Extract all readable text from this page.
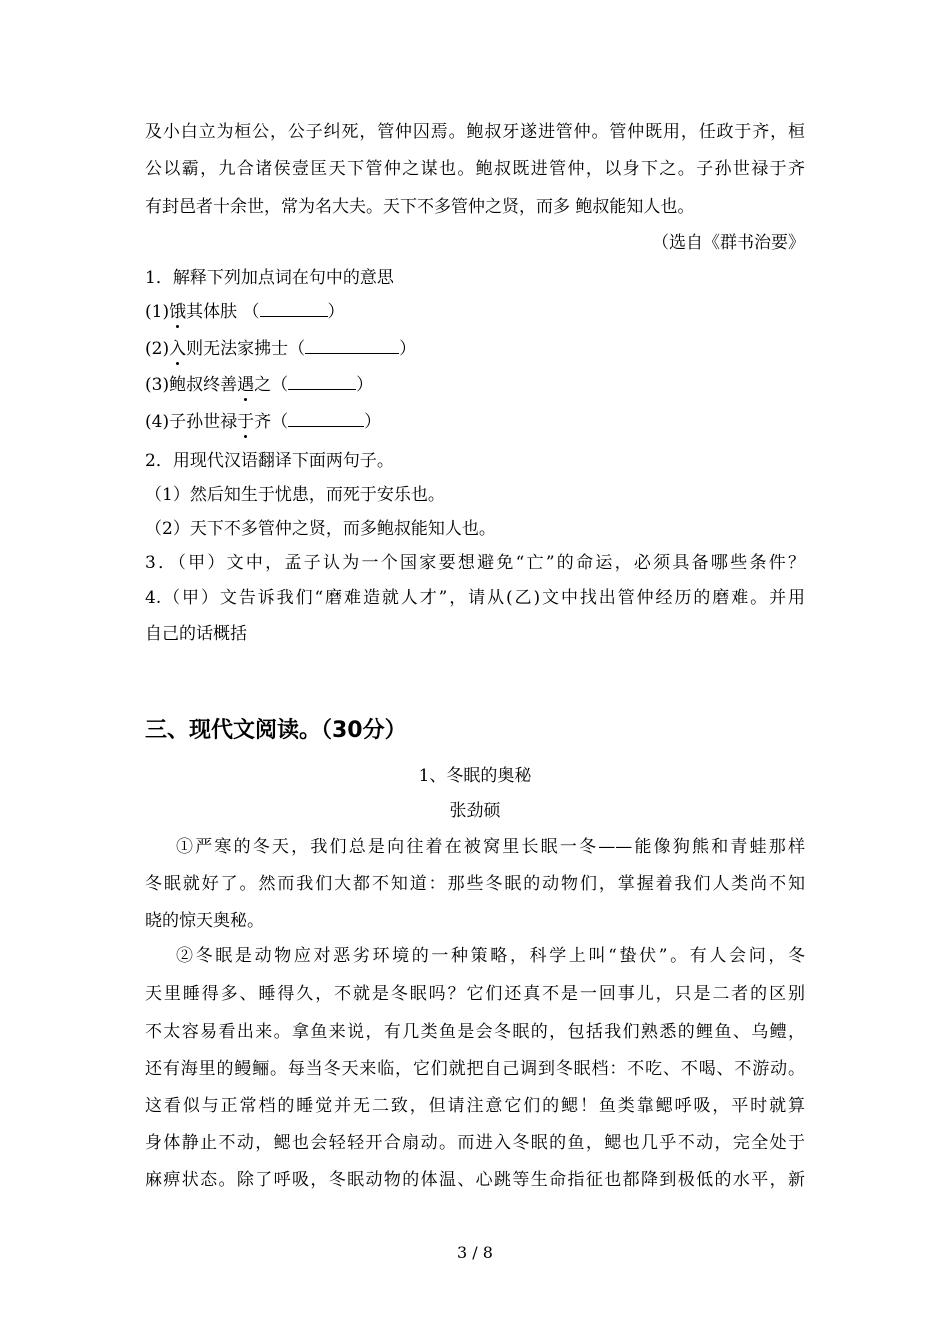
及小白立为桓公，公子纠死，管仲囚焉。鲍叔牙遂进管仲。管仲既用，任政于齐，桓
公以霸，九合诸侯壹匡天下管仲之谋也。鲍叔既进管仲，以身下之。子孙世禄于齐
有封邑者十余世，常为名大夫。天下不多管仲之贤，而多 鲍叔能知人也。
（选自《群书治要》
1．解释下列加点词在句中的意思
(1)饿其体肤 （	）
(2)入则无法家拂士（	）
(3)鲍叔终善遇之（	）
(4)子孙世禄于齐（	）
2．用现代汉语翻译下面两句子。
（1）然后知生于忧患，而死于安乐也。
（2）天下不多管仲之贤，而多鲍叔能知人也。
3．（甲）文中，孟子认为一个国家要想避免“亡”的命运，必须具备哪些条件？
4.（甲）文告诉我们“磨难造就人才”，请从(乙)文中找出管仲经历的磨难。并用
自己的话概括
三、现代文阅读。（30分）
1、冬眠的奥秘
张劲硕
①严寒的冬天，我们总是向往着在被窝里长眠一冬——能像狗熊和青蛙那样
冬眠就好了。然而我们大都不知道：那些冬眠的动物们，掌握着我们人类尚不知
晓的惊天奥秘。
②冬眠是动物应对恶劣环境的一种策略，科学上叫“蛰伏”。有人会问，冬
天里睡得多、睡得久，不就是冬眠吗？它们还真不是一回事儿，只是二者的区别
不太容易看出来。拿鱼来说，有几类鱼是会冬眠的，包括我们熟悉的鲤鱼、乌鳢，
还有海里的鳗鲡。每当冬天来临，它们就把自己调到冬眠档：不吃、不喝、不游动。
这看似与正常档的睡觉并无二致，但请注意它们的鳃！鱼类靠鳃呼吸，平时就算
身体静止不动，鳃也会轻轻开合扇动。而进入冬眠的鱼，鳃也几乎不动，完全处于
麻痹状态。除了呼吸，冬眠动物的体温、心跳等生命指征也都降到极低的水平，新
3 / 8
